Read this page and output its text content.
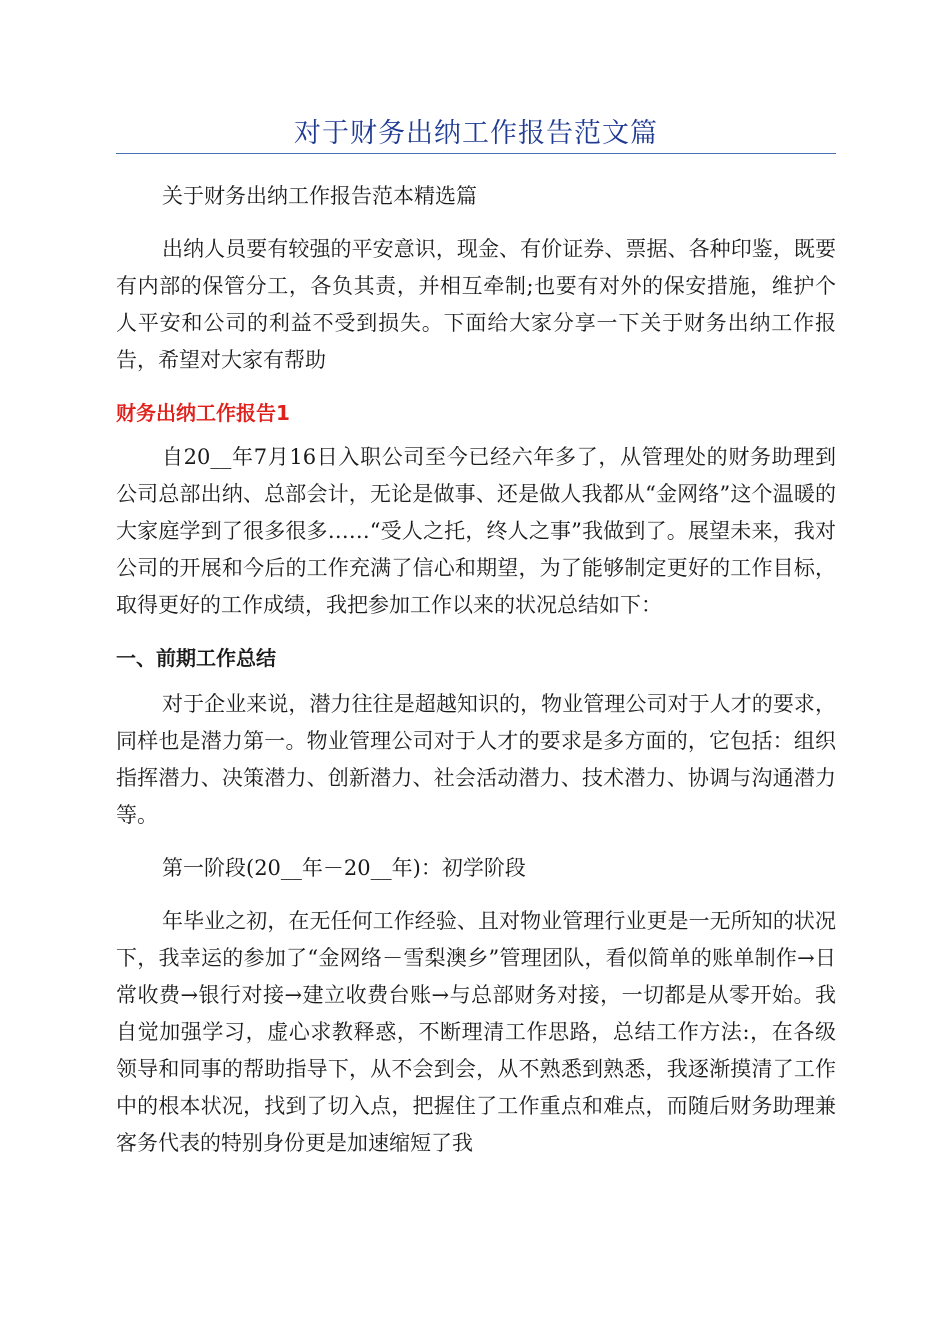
对于财务出纳工作报告范文篇

关于财务出纳工作报告范本精选篇

出纳人员要有较强的平安意识，现金、有价证券、票据、各种印鉴，既要有内部的保管分工，各负其责，并相互牵制;也要有对外的保安措施，维护个人平安和公司的利益不受到损失。下面给大家分享一下关于财务出纳工作报告，希望对大家有帮助

财务出纳工作报告1

自20__年7月16日入职公司至今已经六年多了，从管理处的财务助理到公司总部出纳、总部会计，无论是做事、还是做人我都从“金网络”这个温暖的大家庭学到了很多很多……“受人之托，终人之事”我做到了。展望未来，我对公司的开展和今后的工作充满了信心和期望，为了能够制定更好的工作目标，取得更好的工作成绩，我把参加工作以来的状况总结如下：

一、前期工作总结

对于企业来说，潜力往往是超越知识的，物业管理公司对于人才的要求，同样也是潜力第一。物业管理公司对于人才的要求是多方面的，它包括：组织指挥潜力、决策潜力、创新潜力、社会活动潜力、技术潜力、协调与沟通潜力等。

第一阶段(20__年－20__年)：初学阶段

年毕业之初，在无任何工作经验、且对物业管理行业更是一无所知的状况下，我幸运的参加了“金网络－雪梨澳乡”管理团队，看似简单的账单制作→日常收费→银行对接→建立收费台账→与总部财务对接，一切都是从零开始。我自觉加强学习，虚心求教释惑，不断理清工作思路，总结工作方法:，在各级领导和同事的帮助指导下，从不会到会，从不熟悉到熟悉，我逐渐摸清了工作中的根本状况，找到了切入点，把握住了工作重点和难点，而随后财务助理兼客务代表的特别身份更是加速缩短了我
